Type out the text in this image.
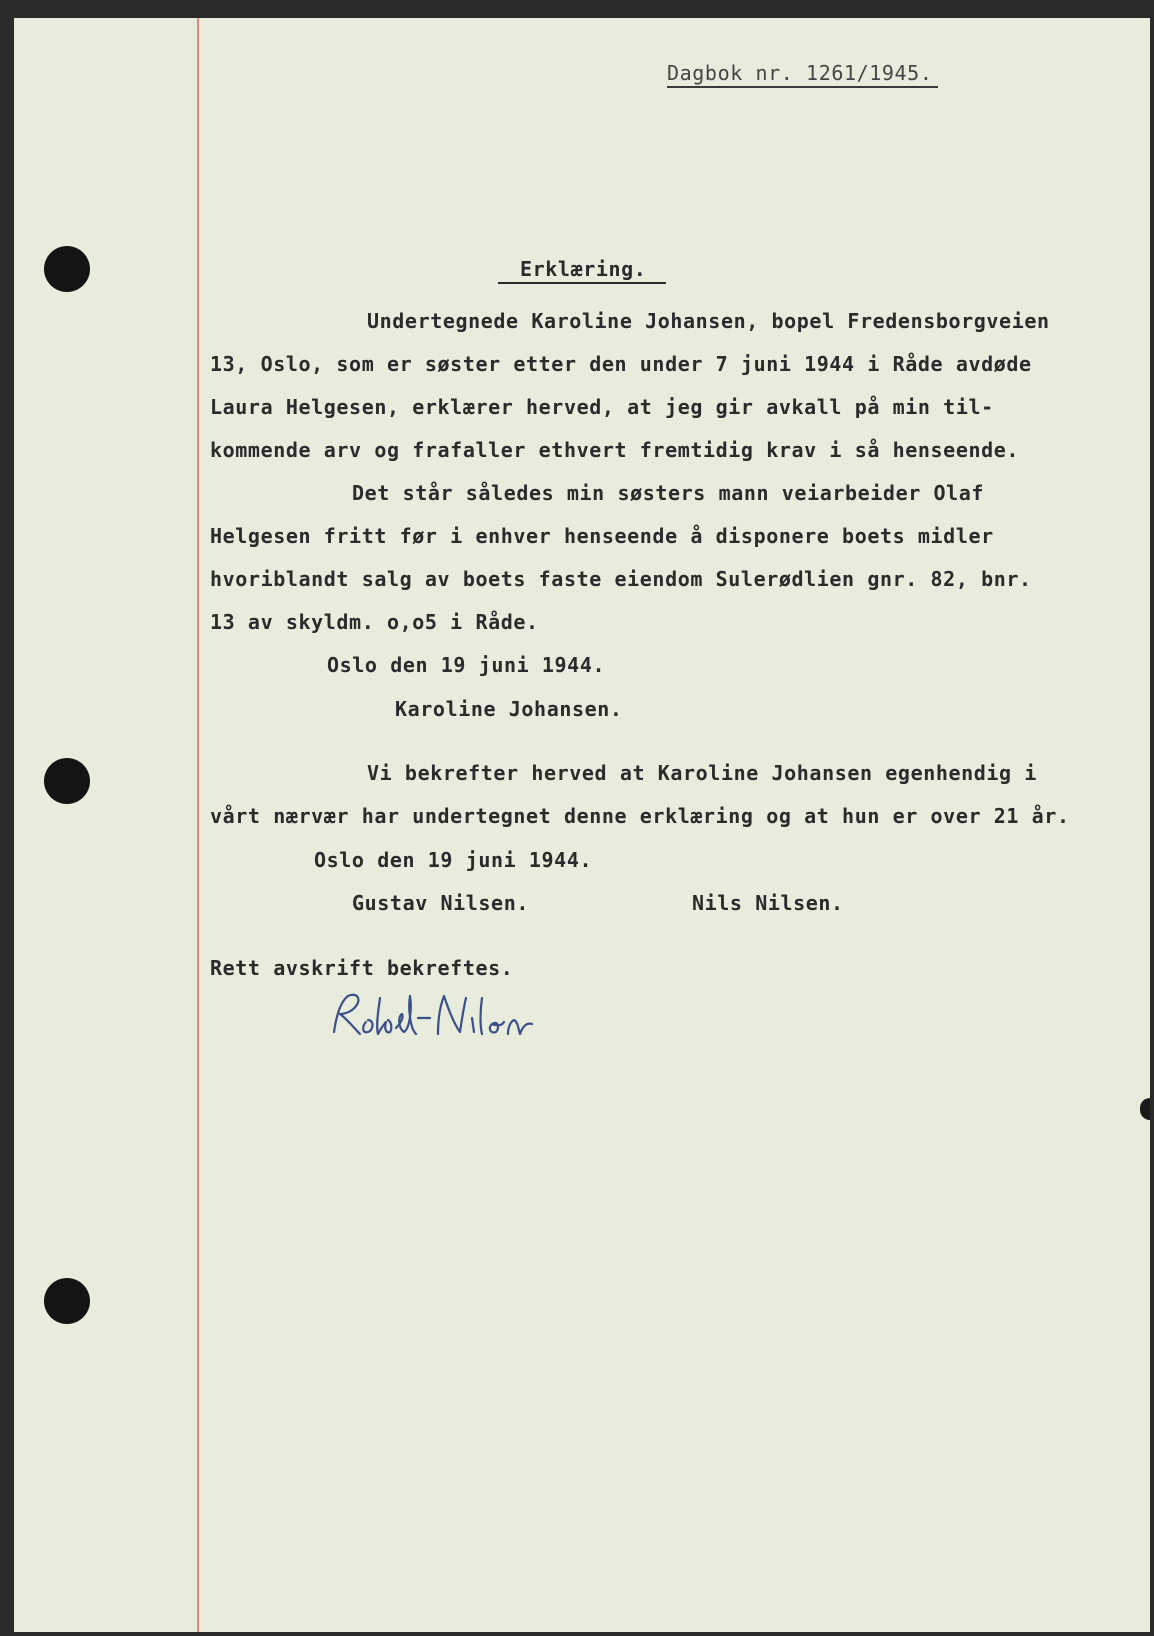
Dagbok nr. 1261/1945.
Erklæring.
Undertegnede Karoline Johansen, bopel Fredensborgveien
13, Oslo, som er søster etter den under 7 juni 1944 i Råde avdøde
Laura Helgesen, erklærer herved, at jeg gir avkall på min til-
kommende arv og frafaller ethvert fremtidig krav i så henseende.
Det står således min søsters mann veiarbeider Olaf
Helgesen fritt før i enhver henseende å disponere boets midler
hvoriblandt salg av boets faste eiendom Sulerødlien gnr. 82, bnr.
13 av skyldm. o,o5 i Råde.
Oslo den 19 juni 1944.
Karoline Johansen.
Vi bekrefter herved at Karoline Johansen egenhendig i
vårt nærvær har undertegnet denne erklæring og at hun er over 21 år.
Oslo den 19 juni 1944.
Gustav Nilsen.	Nils Nilsen.
Rett avskrift bekreftes.
